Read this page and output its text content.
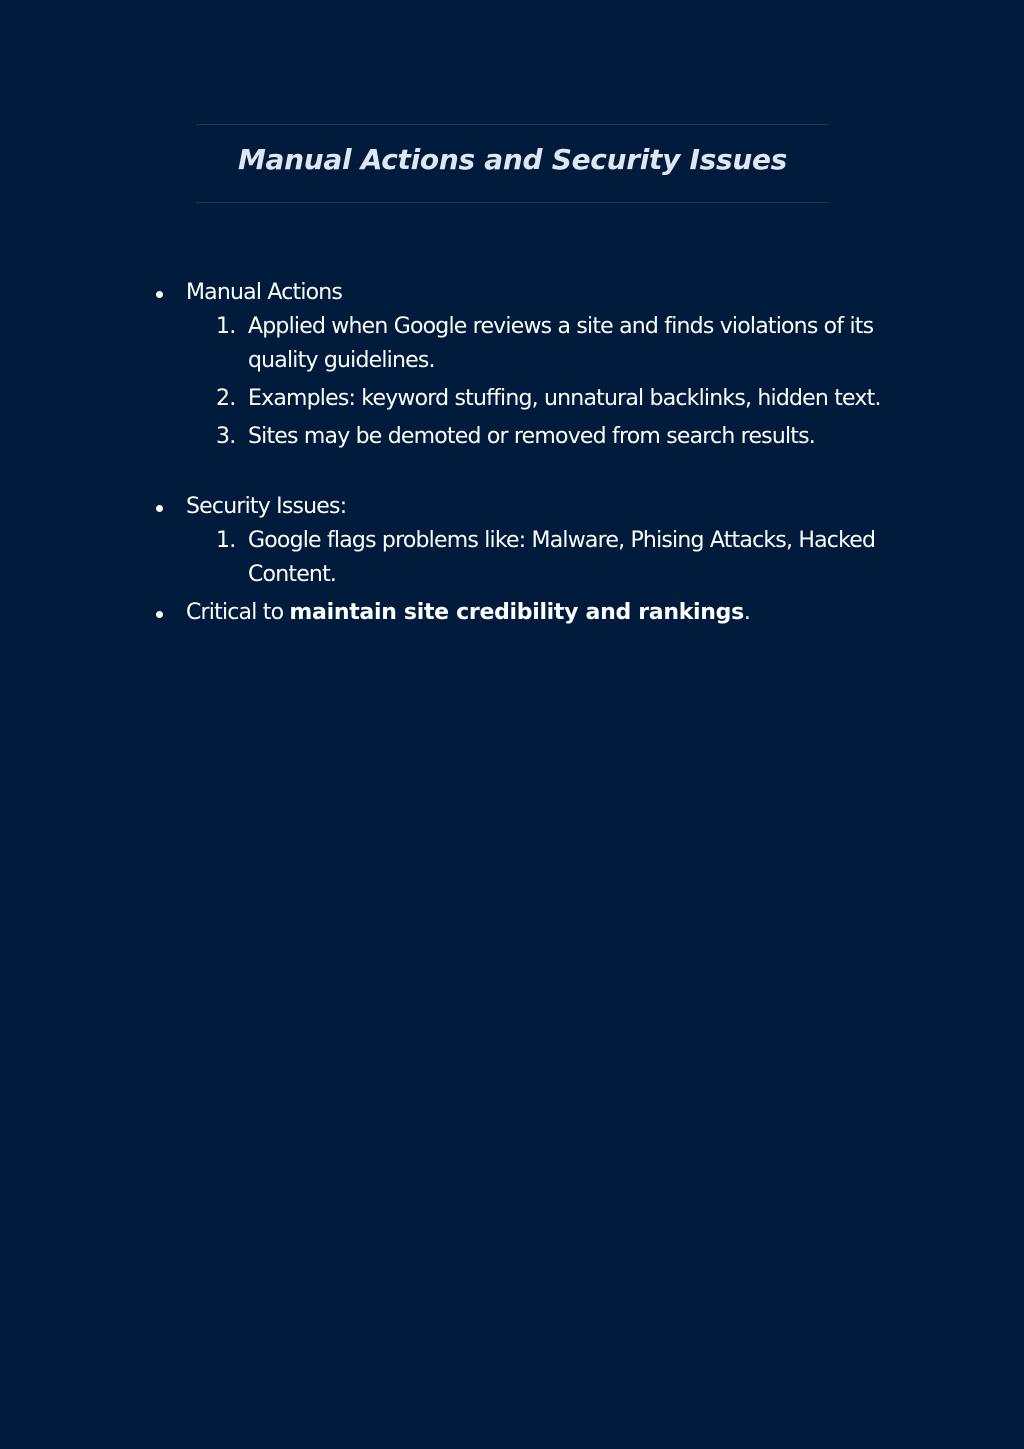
Manual Actions and Security Issues
Manual Actions
1. Applied when Google reviews a site and finds violations of its quality guidelines.
2. Examples: keyword stuffing, unnatural backlinks, hidden text.
3. Sites may be demoted or removed from search results.
Security Issues:
1. Google flags problems like: Malware, Phising Attacks, Hacked Content.
Critical to maintain site credibility and rankings.
